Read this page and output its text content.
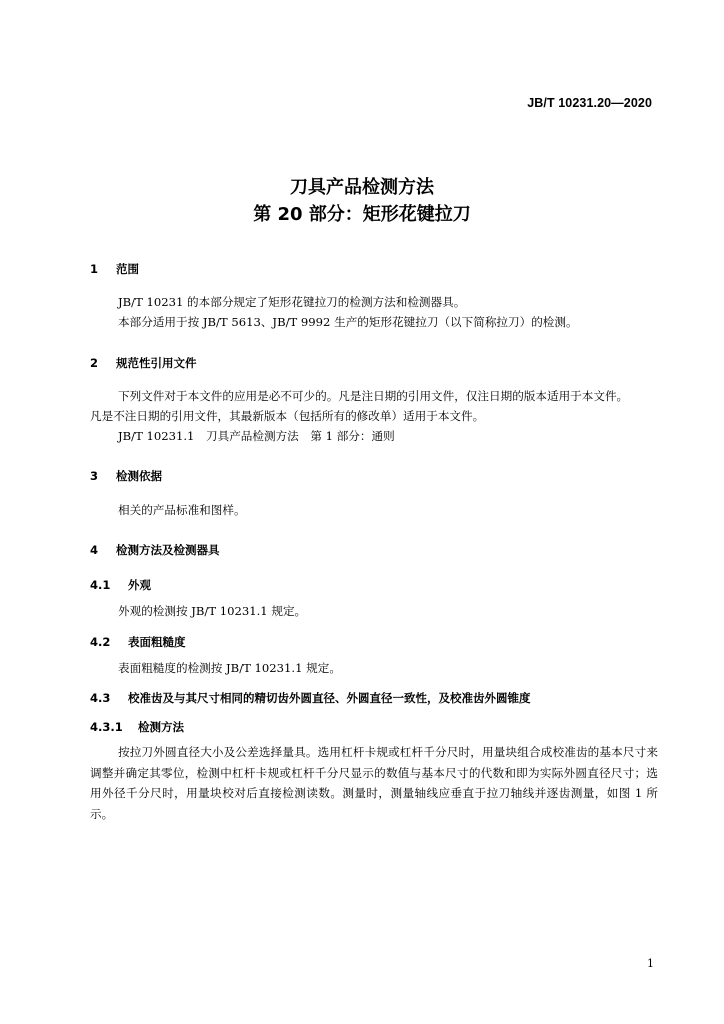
JB/T 10231.20—2020
刀具产品检测方法
第 20 部分：矩形花键拉刀
1 范围
JB/T 10231 的本部分规定了矩形花键拉刀的检测方法和检测器具。
本部分适用于按 JB/T 5613、JB/T 9992 生产的矩形花键拉刀（以下简称拉刀）的检测。
2 规范性引用文件
下列文件对于本文件的应用是必不可少的。凡是注日期的引用文件，仅注日期的版本适用于本文件。
凡是不注日期的引用文件，其最新版本（包括所有的修改单）适用于本文件。
JB/T 10231.1　刀具产品检测方法　第 1 部分：通则
3 检测依据
相关的产品标准和图样。
4 检测方法及检测器具
4.1 外观
外观的检测按 JB/T 10231.1 规定。
4.2 表面粗糙度
表面粗糙度的检测按 JB/T 10231.1 规定。
4.3 校准齿及与其尺寸相同的精切齿外圆直径、外圆直径一致性，及校准齿外圆锥度
4.3.1 检测方法
按拉刀外圆直径大小及公差选择量具。选用杠杆卡规或杠杆千分尺时，用量块组合成校准齿的基本尺寸来调整并确定其零位，检测中杠杆卡规或杠杆千分尺显示的数值与基本尺寸的代数和即为实际外圆直径尺寸；选用外径千分尺时，用量块校对后直接检测读数。测量时，测量轴线应垂直于拉刀轴线并逐齿测量，如图 1 所示。
1
